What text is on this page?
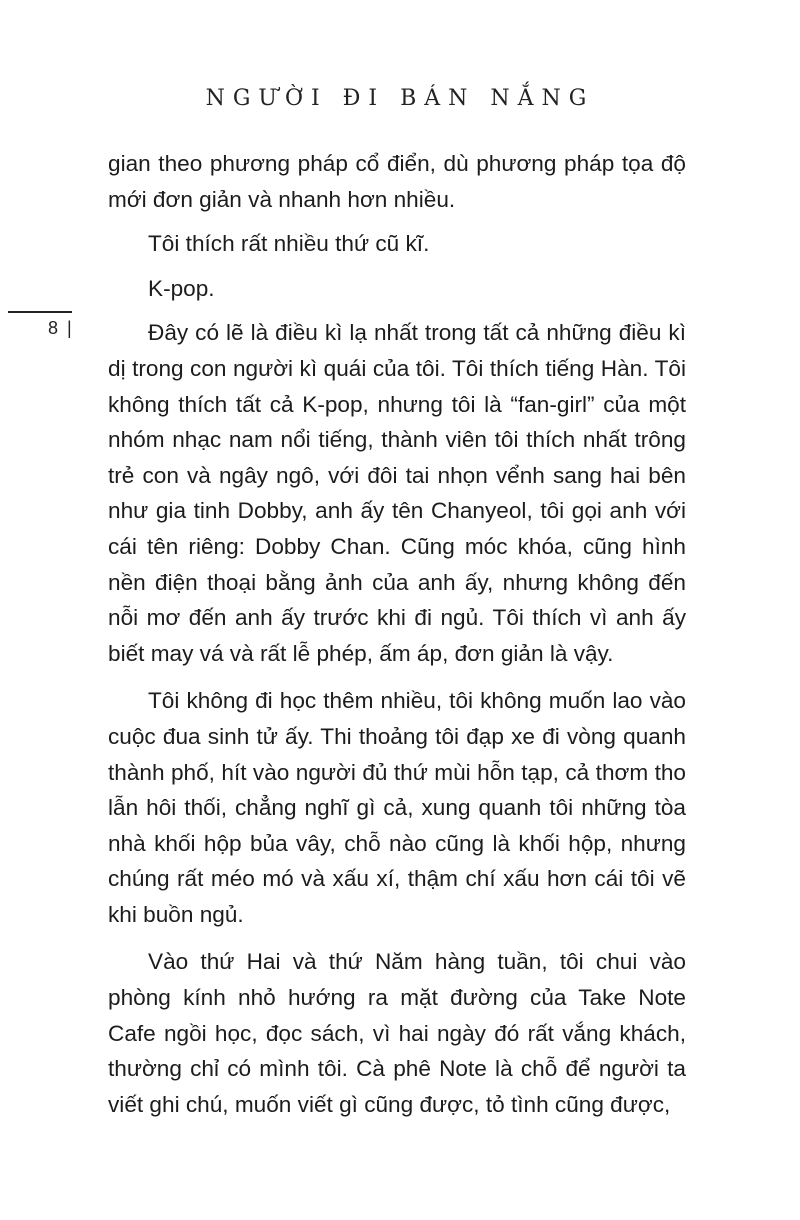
NGƯỜI ĐI BÁN NẮNG
8 |

gian theo phương pháp cổ điển, dù phương pháp tọa độ mới đơn giản và nhanh hơn nhiều.

Tôi thích rất nhiều thứ cũ kĩ.

K-pop.

Đây có lẽ là điều kì lạ nhất trong tất cả những điều kì dị trong con người kì quái của tôi. Tôi thích tiếng Hàn. Tôi không thích tất cả K-pop, nhưng tôi là “fan-girl” của một nhóm nhạc nam nổi tiếng, thành viên tôi thích nhất trông trẻ con và ngây ngô, với đôi tai nhọn vểnh sang hai bên như gia tinh Dobby, anh ấy tên Chanyeol, tôi gọi anh với cái tên riêng: Dobby Chan. Cũng móc khóa, cũng hình nền điện thoại bằng ảnh của anh ấy, nhưng không đến nỗi mơ đến anh ấy trước khi đi ngủ. Tôi thích vì anh ấy biết may vá và rất lễ phép, ấm áp, đơn giản là vậy.

Tôi không đi học thêm nhiều, tôi không muốn lao vào cuộc đua sinh tử ấy. Thi thoảng tôi đạp xe đi vòng quanh thành phố, hít vào người đủ thứ mùi hỗn tạp, cả thơm tho lẫn hôi thối, chẳng nghĩ gì cả, xung quanh tôi những tòa nhà khối hộp bủa vây, chỗ nào cũng là khối hộp, nhưng chúng rất méo mó và xấu xí, thậm chí xấu hơn cái tôi vẽ khi buồn ngủ.

Vào thứ Hai và thứ Năm hàng tuần, tôi chui vào phòng kính nhỏ hướng ra mặt đường của Take Note Cafe ngồi học, đọc sách, vì hai ngày đó rất vắng khách, thường chỉ có mình tôi. Cà phê Note là chỗ để người ta viết ghi chú, muốn viết gì cũng được, tỏ tình cũng được,
